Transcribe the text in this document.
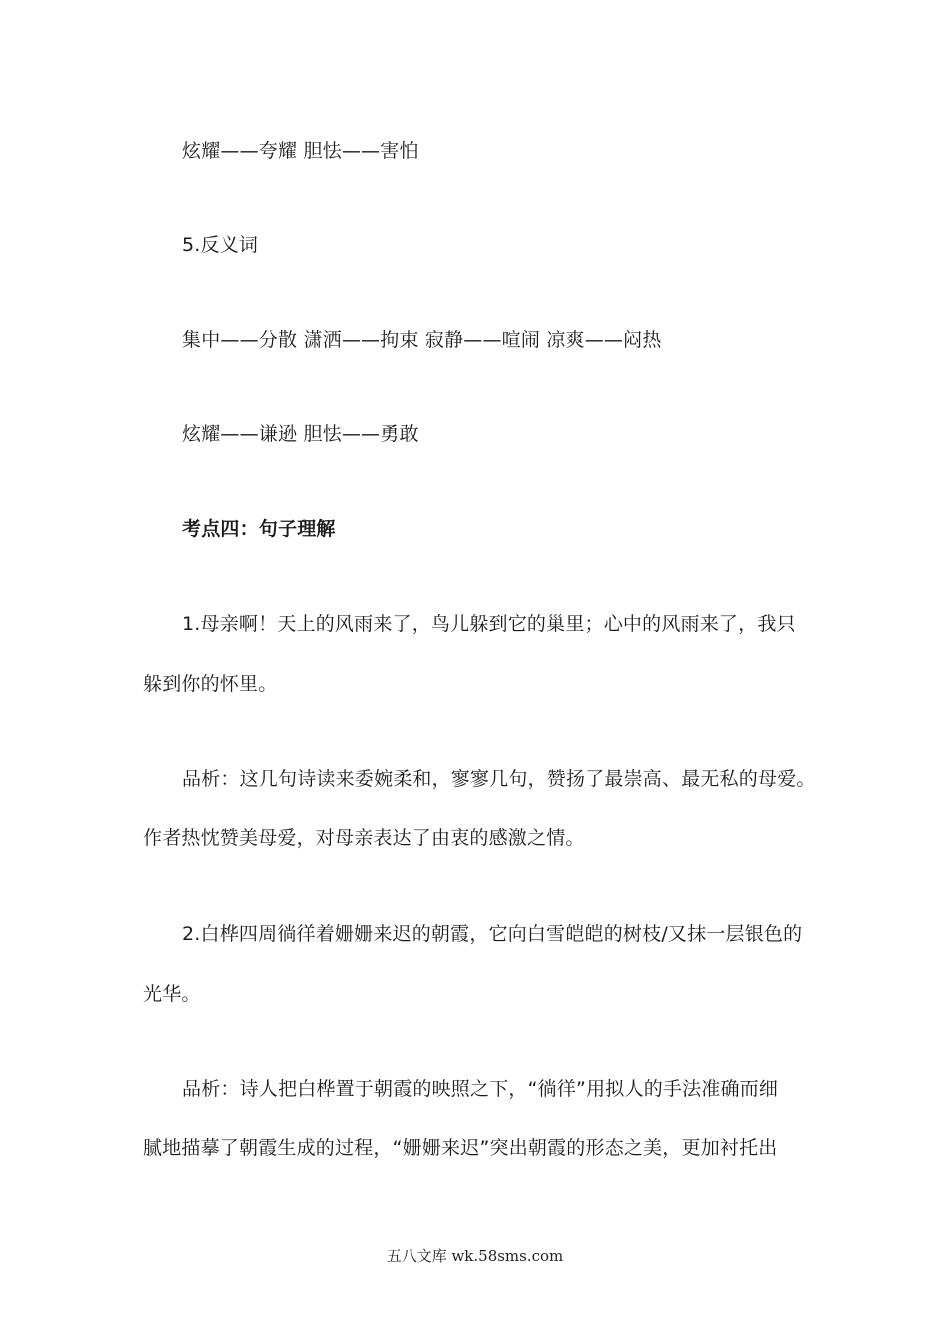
炫耀——夸耀 胆怯——害怕
5.反义词
集中——分散 潇洒——拘束 寂静——喧闹 凉爽——闷热
炫耀——谦逊 胆怯——勇敢
考点四：句子理解
1.母亲啊！天上的风雨来了，鸟儿躲到它的巢里；心中的风雨来了，我只
躲到你的怀里。
品析：这几句诗读来委婉柔和，寥寥几句，赞扬了最崇高、最无私的母爱。
作者热忱赞美母爱，对母亲表达了由衷的感激之情。
2.白桦四周徜徉着姗姗来迟的朝霞，它向白雪皑皑的树枝/又抹一层银色的
光华。
品析：诗人把白桦置于朝霞的映照之下，“徜徉”用拟人的手法准确而细
腻地描摹了朝霞生成的过程，“姗姗来迟”突出朝霞的形态之美，更加衬托出
五八文库 wk.58sms.com
